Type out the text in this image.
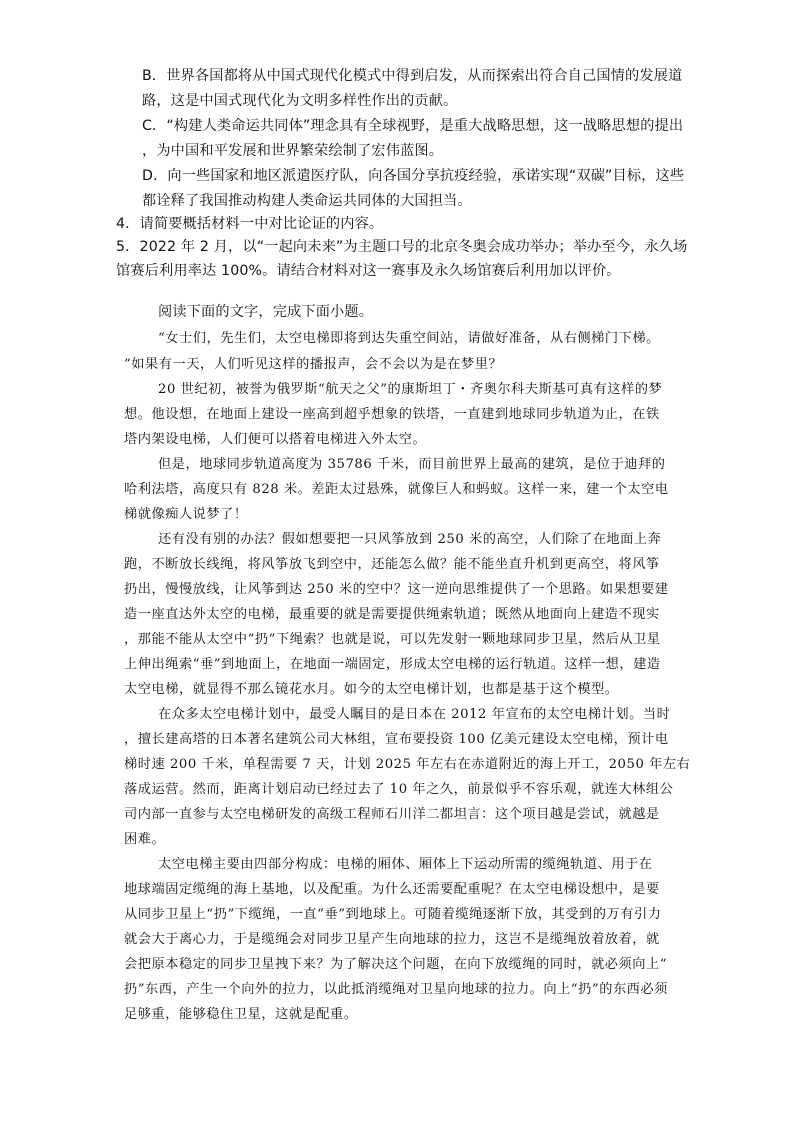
B．世界各国都将从中国式现代化模式中得到启发，从而探索出符合自己国情的发展道
路，这是中国式现代化为文明多样性作出的贡献。
C．“构建人类命运共同体”理念具有全球视野，是重大战略思想，这一战略思想的提出
，为中国和平发展和世界繁荣绘制了宏伟蓝图。
D．向一些国家和地区派遣医疗队，向各国分享抗疫经验，承诺实现“双碳”目标，这些
都诠释了我国推动构建人类命运共同体的大国担当。
4．请简要概括材料一中对比论证的内容。
5．2022 年 2 月，以“一起向未来”为主题口号的北京冬奥会成功举办；举办至今，永久场
馆赛后利用率达 100%。请结合材料对这一赛事及永久场馆赛后利用加以评价。
阅读下面的文字，完成下面小题。
“女士们，先生们，太空电梯即将到达失重空间站，请做好准备，从右侧梯门下梯。
”如果有一天，人们听见这样的播报声，会不会以为是在梦里？
20 世纪初，被誉为俄罗斯“航天之父”的康斯坦丁・齐奥尔科夫斯基可真有这样的梦
想。他设想，在地面上建设一座高到超乎想象的铁塔，一直建到地球同步轨道为止，在铁
塔内架设电梯，人们便可以搭着电梯进入外太空。
但是，地球同步轨道高度为 35786 千米，而目前世界上最高的建筑，是位于迪拜的
哈利法塔，高度只有 828 米。差距太过悬殊，就像巨人和蚂蚁。这样一来，建一个太空电
梯就像痴人说梦了！
还有没有别的办法？假如想要把一只风筝放到 250 米的高空，人们除了在地面上奔
跑，不断放长线绳，将风筝放飞到空中，还能怎么做？能不能坐直升机到更高空，将风筝
扔出，慢慢放线，让风筝到达 250 米的空中？这一逆向思维提供了一个思路。如果想要建
造一座直达外太空的电梯，最重要的就是需要提供绳索轨道；既然从地面向上建造不现实
，那能不能从太空中“扔”下绳索？也就是说，可以先发射一颗地球同步卫星，然后从卫星
上伸出绳索“垂”到地面上，在地面一端固定，形成太空电梯的运行轨道。这样一想，建造
太空电梯，就显得不那么镜花水月。如今的太空电梯计划，也都是基于这个模型。
在众多太空电梯计划中，最受人瞩目的是日本在 2012 年宣布的太空电梯计划。当时
，擅长建高塔的日本著名建筑公司大林组，宣布要投资 100 亿美元建设太空电梯，预计电
梯时速 200 千米，单程需要 7 天，计划 2025 年左右在赤道附近的海上开工，2050 年左右
落成运营。然而，距离计划启动已经过去了 10 年之久，前景似乎不容乐观，就连大林组公
司内部一直参与太空电梯研发的高级工程师石川洋二都坦言：这个项目越是尝试，就越是
困难。
太空电梯主要由四部分构成：电梯的厢体、厢体上下运动所需的缆绳轨道、用于在
地球端固定缆绳的海上基地，以及配重。为什么还需要配重呢？在太空电梯设想中，是要
从同步卫星上“扔”下缆绳，一直“垂”到地球上。可随着缆绳逐渐下放，其受到的万有引力
就会大于离心力，于是缆绳会对同步卫星产生向地球的拉力，这岂不是缆绳放着放着，就
会把原本稳定的同步卫星拽下来？为了解决这个问题，在向下放缆绳的同时，就必须向上“
扔”东西，产生一个向外的拉力，以此抵消缆绳对卫星向地球的拉力。向上“扔”的东西必须
足够重，能够稳住卫星，这就是配重。
